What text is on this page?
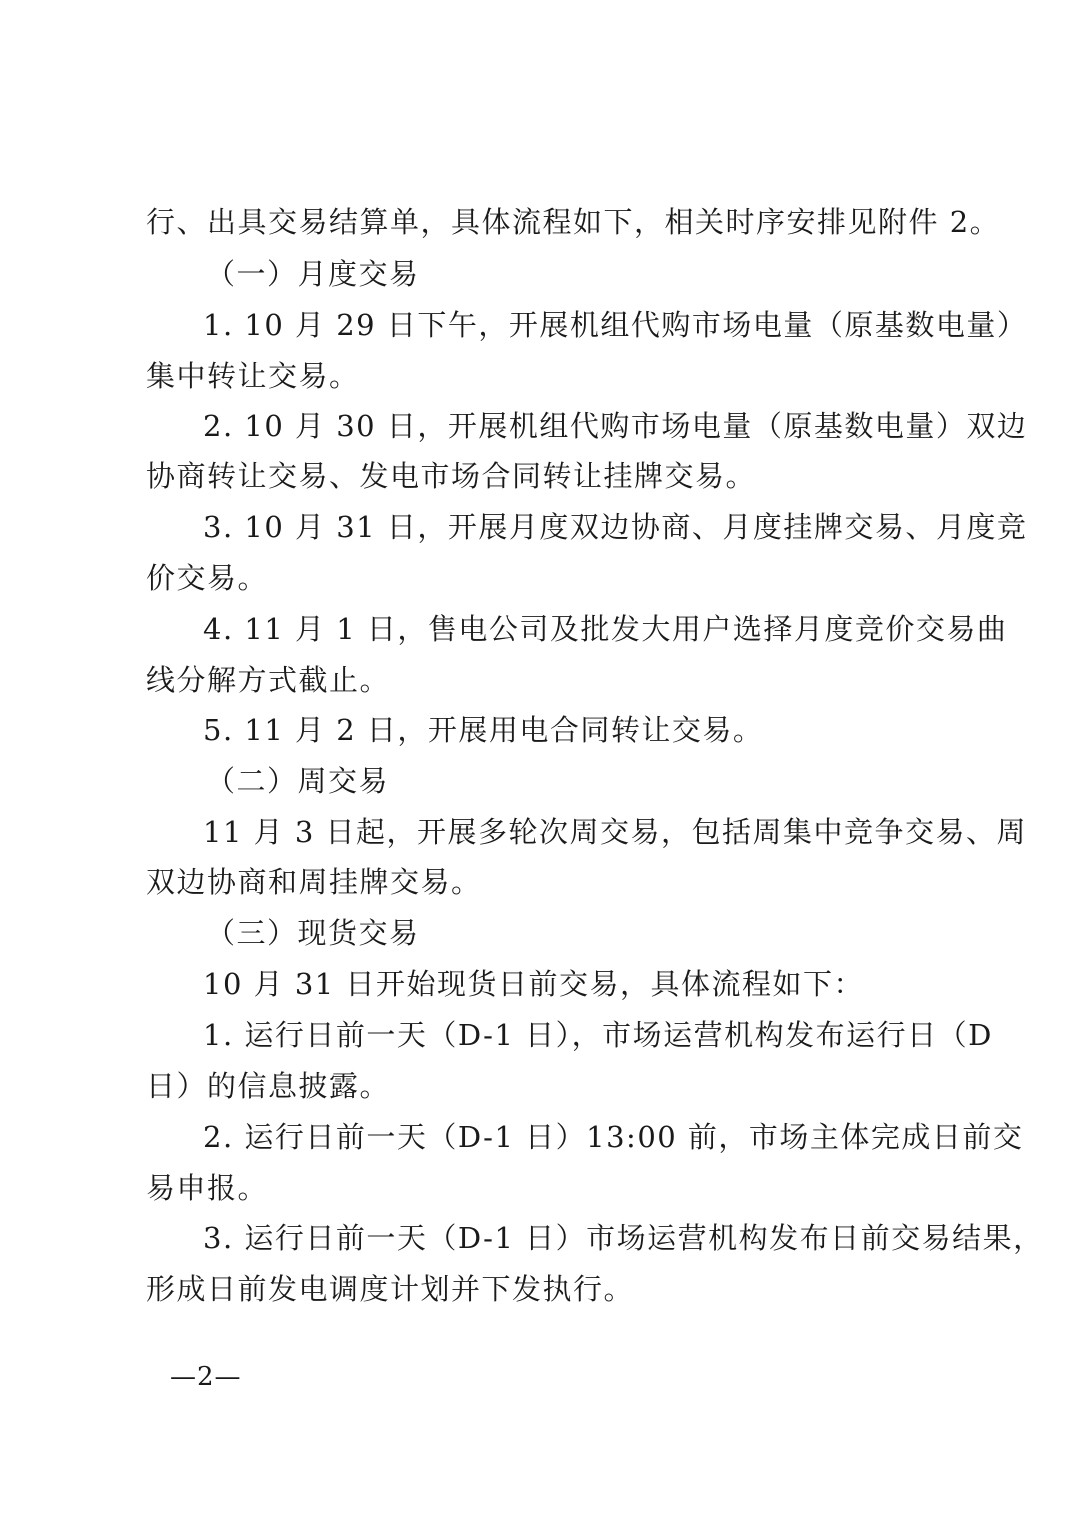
行、出具交易结算单，具体流程如下，相关时序安排见附件 2。
（一）月度交易
1. 10 月 29 日下午，开展机组代购市场电量（原基数电量）
集中转让交易。
2. 10 月 30 日，开展机组代购市场电量（原基数电量）双边
协商转让交易、发电市场合同转让挂牌交易。
3. 10 月 31 日，开展月度双边协商、月度挂牌交易、月度竞
价交易。
4. 11 月 1 日，售电公司及批发大用户选择月度竞价交易曲
线分解方式截止。
5. 11 月 2 日，开展用电合同转让交易。
（二）周交易
11 月 3 日起，开展多轮次周交易，包括周集中竞争交易、周
双边协商和周挂牌交易。
（三）现货交易
10 月 31 日开始现货日前交易，具体流程如下：
1. 运行日前一天（D-1 日），市场运营机构发布运行日（D
日）的信息披露。
2. 运行日前一天（D-1 日）13:00 前，市场主体完成日前交
易申报。
3. 运行日前一天（D-1 日）市场运营机构发布日前交易结果，
形成日前发电调度计划并下发执行。
—2—
